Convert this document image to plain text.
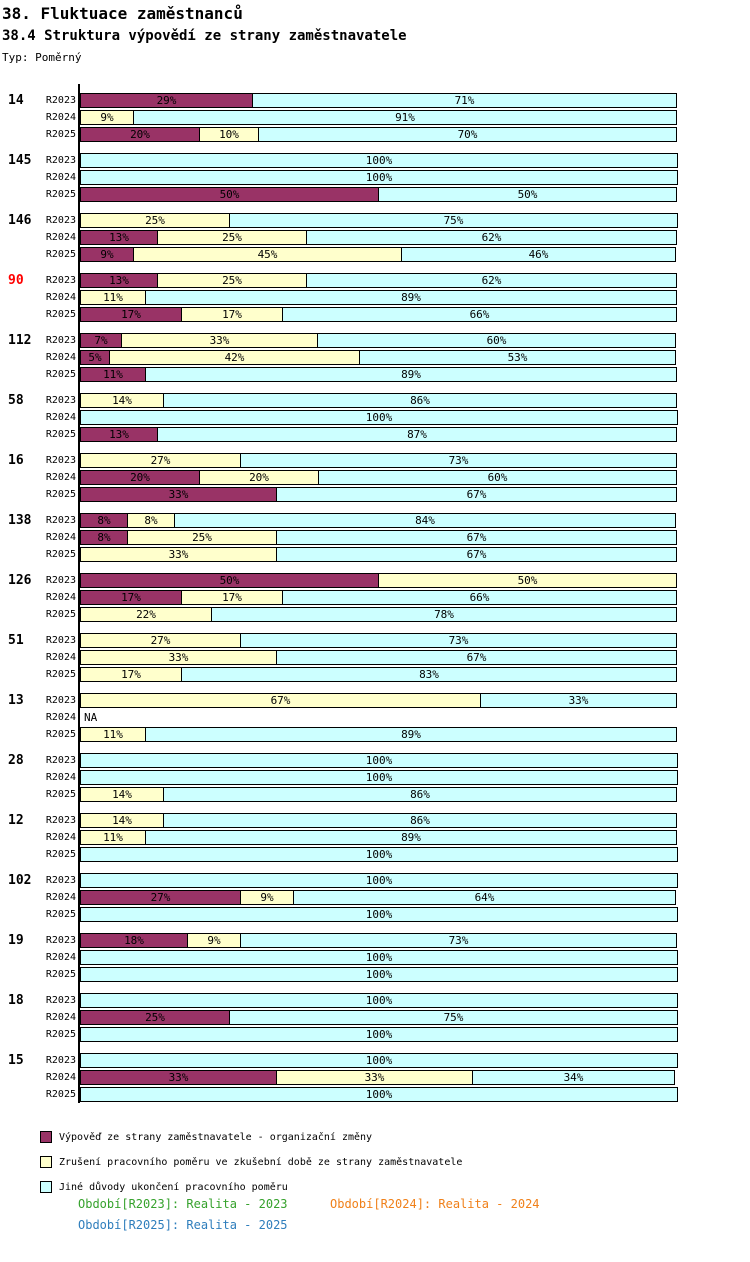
38. Fluktuace zaměstnanců
38.4 Struktura výpovědí ze strany zaměstnavatele
Typ: Poměrný
14	R2023	29%	71%
R2024 9%	91%
R2025	20%	10%	70%
145	R2023	100%
R2024	100%
R2025	50%	50%
146	R2023	25%	75%
R2024	13%	25%	62%
R2025 9%	45%	46%
90	R2023	13%	25%	62%
R2024 11%	89%
R2025	17%	17%	66%
112	R2023 7%	33%	60%
R2024 5%	42%	53%
R2025 11%	89%
58	R2023	14%	86%
R2024	100%
R2025	13%	87%
16	R2023	27%	73%
R2024	20%	20%	60%
R2025	33%	67%
138	R2023 8%	8%	84%
R2024 8%	25%	67%
R2025	33%	67%
126	R2023	50%	50%
R2024	17%	17%	66%
R2025	22%	78%
51	R2023	27%	73%
R2024	33%	67%
R2025	17%	83%
13	R2023	67%	33%
R2024 NA
R2025 11%	89%
28	R2023	100%
R2024	100%
R2025	14%	86%
12	R2023	14%	86%
R2024 11%	89%
R2025	100%
102	R2023	100%
R2024	27%	9%	64%
R2025	100%
19	R2023	18%	9%	73%
R2024	100%
R2025	100%
18	R2023	100%
R2024	25%	75%
R2025	100%
15	R2023	100%
R2024	33%	33%	34%
R2025	100%
Výpověď ze strany zaměstnavatele - organizační změny
Zrušení pracovního poměru ve zkušební době ze strany zaměstnavatele
Jiné důvody ukončení pracovního poměru
Období[R2023]: Realita - 2023	Období[R2024]: Realita - 2024
Období[R2025]: Realita - 2025
